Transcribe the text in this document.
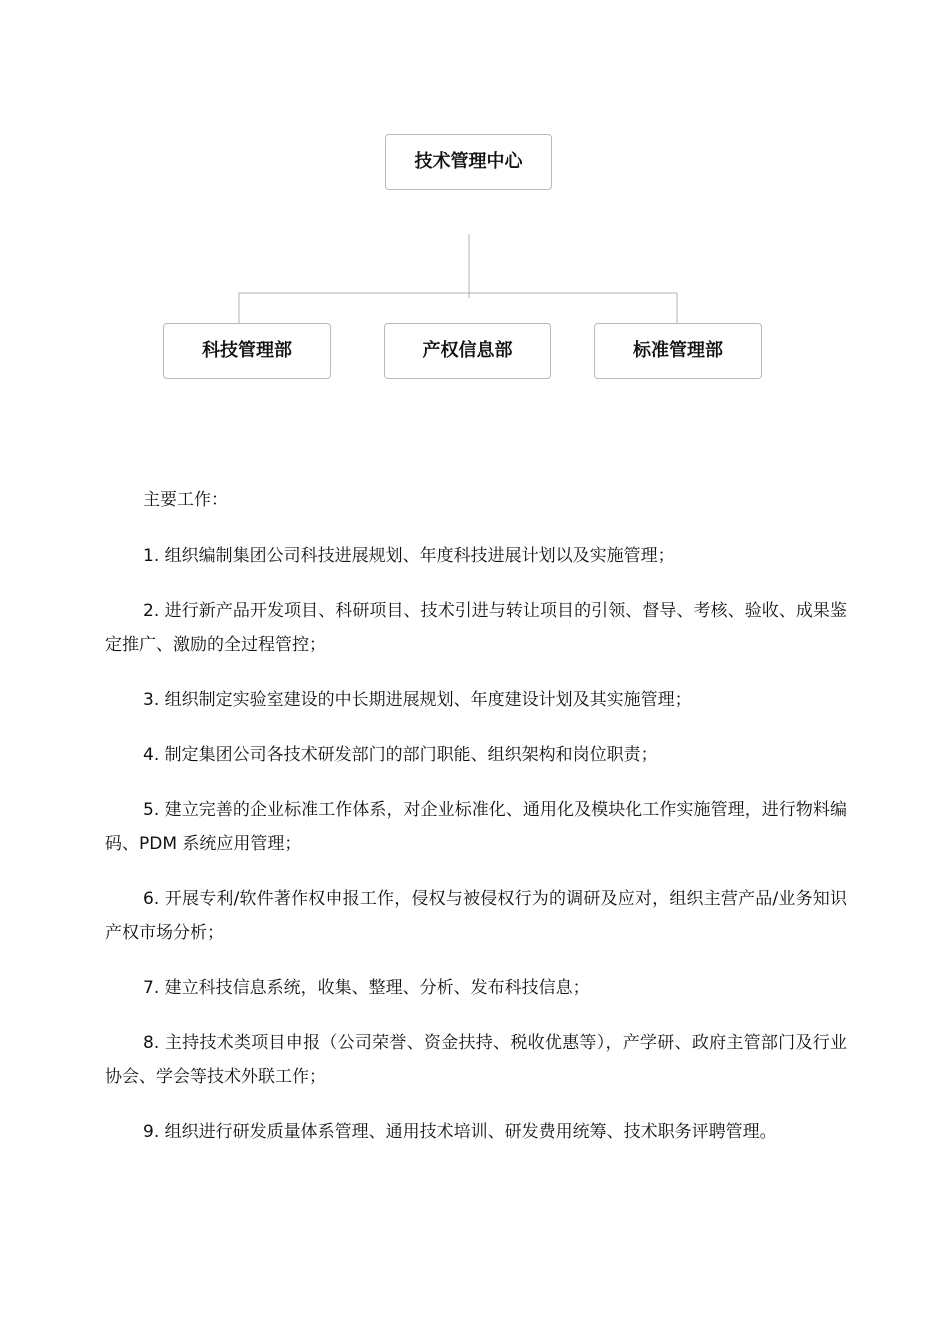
技术管理中心
科技管理部	产权信息部	标准管理部

主要工作：

1. 组织编制集团公司科技进展规划、年度科技进展计划以及实施管理；

2. 进行新产品开发项目、科研项目、技术引进与转让项目的引领、督导、考核、验收、成果鉴定推广、激励的全过程管控；

3. 组织制定实验室建设的中长期进展规划、年度建设计划及其实施管理；

4. 制定集团公司各技术研发部门的部门职能、组织架构和岗位职责；

5. 建立完善的企业标准工作体系，对企业标准化、通用化及模块化工作实施管理，进行物料编码、PDM 系统应用管理；

6. 开展专利/软件著作权申报工作，侵权与被侵权行为的调研及应对，组织主营产品/业务知识产权市场分析；

7. 建立科技信息系统，收集、整理、分析、发布科技信息；

8. 主持技术类项目申报（公司荣誉、资金扶持、税收优惠等），产学研、政府主管部门及行业协会、学会等技术外联工作；

9. 组织进行研发质量体系管理、通用技术培训、研发费用统筹、技术职务评聘管理。
